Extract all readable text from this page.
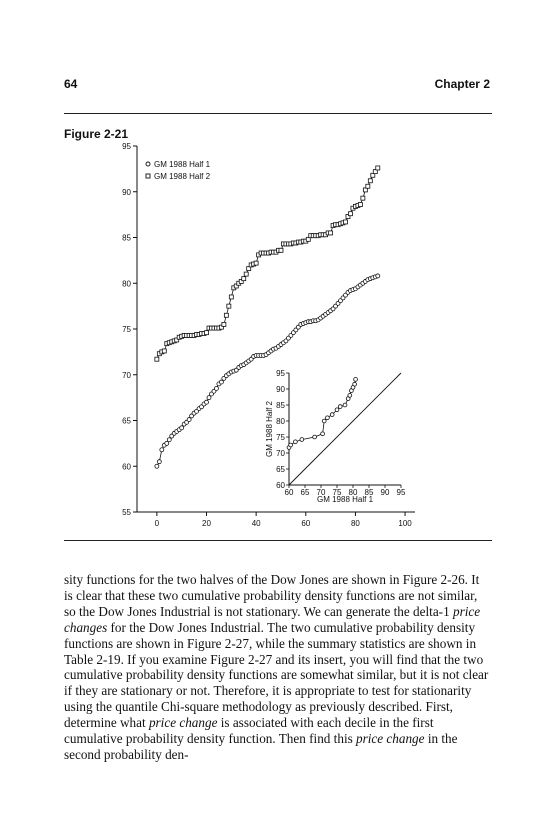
64	Chapter 2
Figure 2-21
55
60
65
70
75
80
85
90
95
0	20	40	60	80	100
GM 1988 Half 1
GM 1988 Half 2
60
65
70
75
80
85
90
95
60 65 70 75 80 85 90 95
GM 1988 Half 1
GM 1988 Half 2

sity functions for the two halves of the Dow Jones are shown in Figure 2-26. It is clear that these two cumulative probability density functions are not similar, so the Dow Jones Industrial is not stationary. We can generate the delta-1 price changes for the Dow Jones Industrial. The two cumulative probability density functions are shown in Figure 2-27, while the summary statistics are shown in Table 2-19. If you examine Figure 2-27 and its insert, you will find that the two cumulative probability density functions are somewhat similar, but it is not clear if they are stationary or not. Therefore, it is appropriate to test for stationarity using the quantile Chi-square methodology as previously described. First, determine what price change is associated with each decile in the first cumulative probability density function. Then find this price change in the second probability den-
